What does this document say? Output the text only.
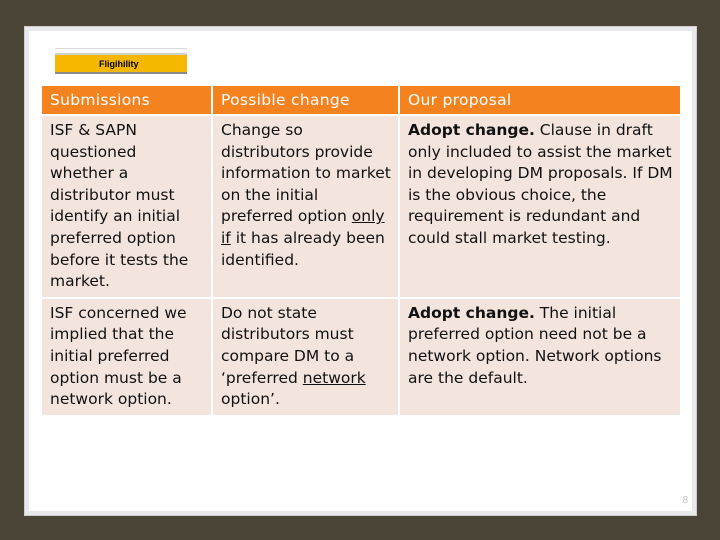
Fligihility
Submissions	Possible change	Our proposal
ISF & SAPN questioned whether a distributor must identify an initial preferred option before it tests the market.	Change so distributors provide information to market on the initial preferred option only if it has already been identified.	Adopt change. Clause in draft only included to assist the market in developing DM proposals. If DM is the obvious choice, the requirement is redundant and could stall market testing.
ISF concerned we implied that the initial preferred option must be a network option.	Do not state distributors must compare DM to a ‘preferred network option’.	Adopt change. The initial preferred option need not be a network option. Network options are the default.
8
